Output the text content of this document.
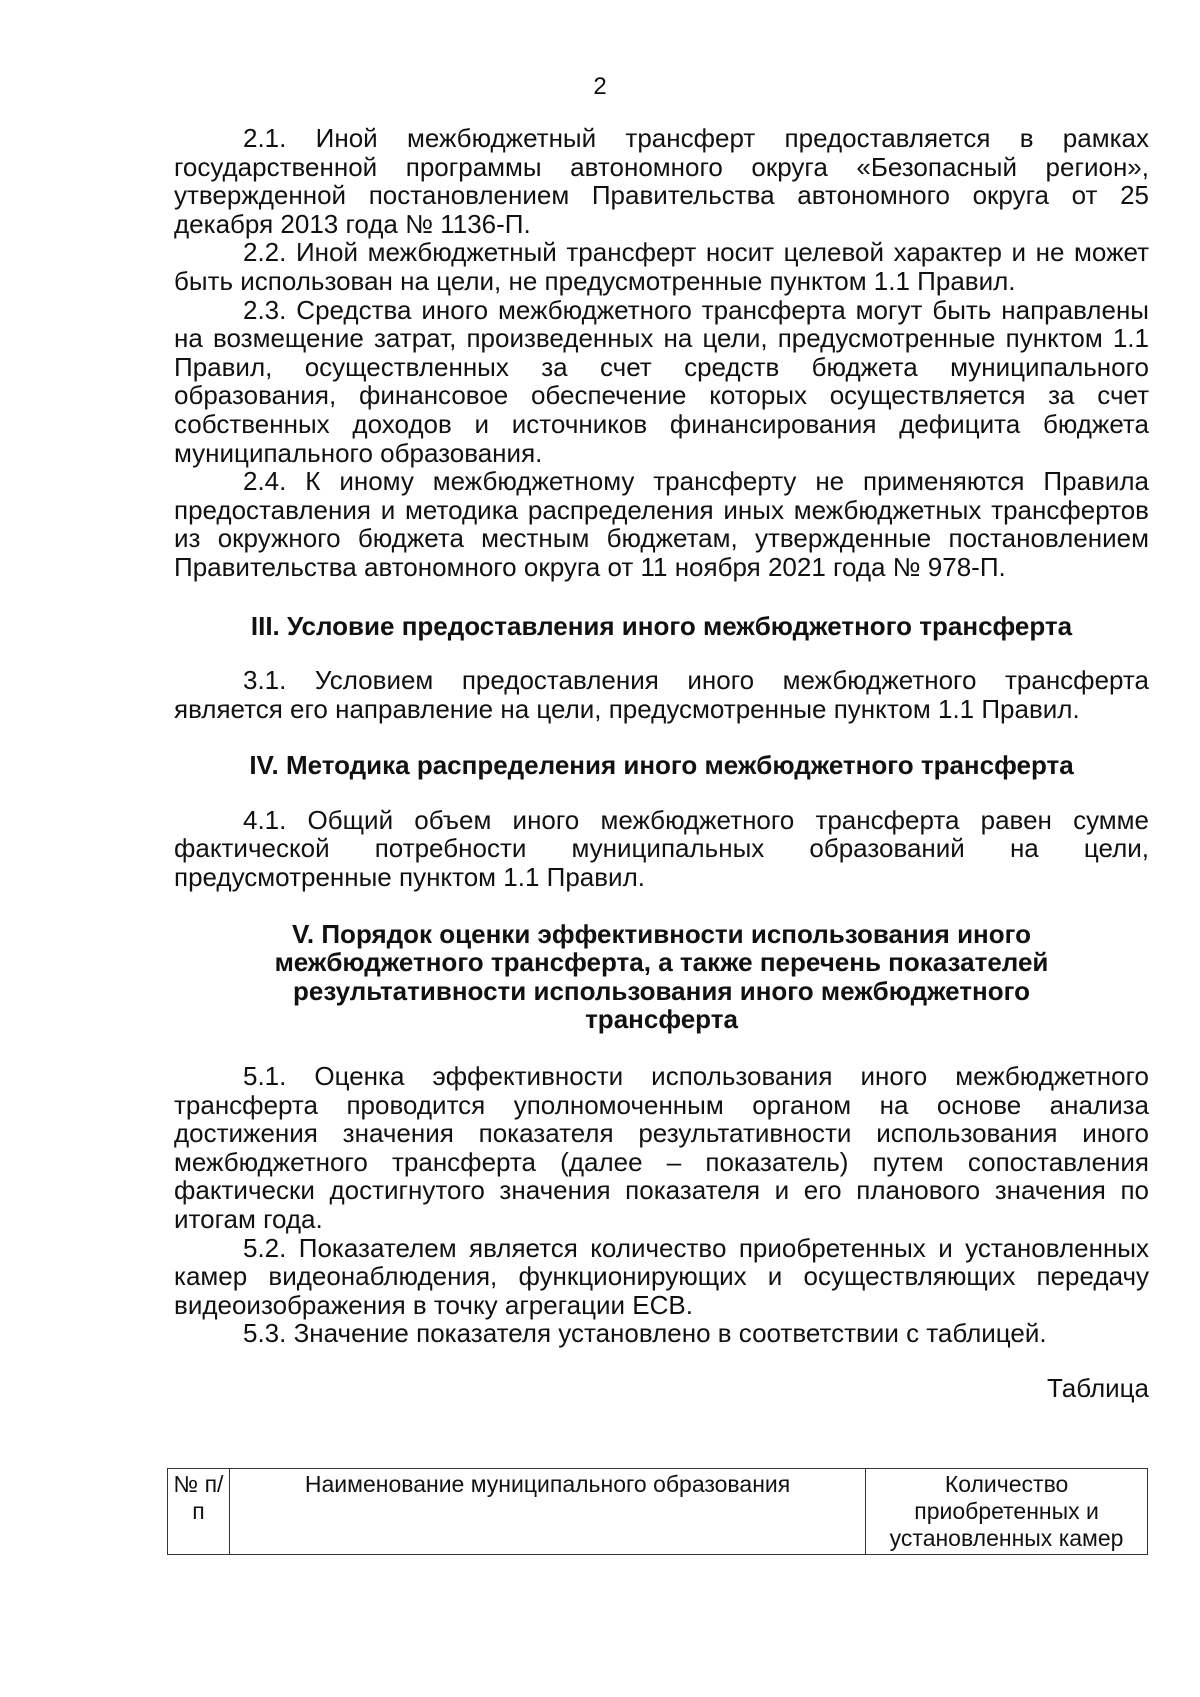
2

2.1. Иной межбюджетный трансферт предоставляется в рамках государственной программы автономного округа «Безопасный регион», утвержденной постановлением Правительства автономного округа от 25 декабря 2013 года № 1136-П.

2.2. Иной межбюджетный трансферт носит целевой характер и не может быть использован на цели, не предусмотренные пунктом 1.1 Правил.

2.3. Средства иного межбюджетного трансферта могут быть направлены на возмещение затрат, произведенных на цели, предусмотренные пунктом 1.1 Правил, осуществленных за счет средств бюджета муниципального образования, финансовое обеспечение которых осуществляется за счет собственных доходов и источников финансирования дефицита бюджета муниципального образования.

2.4. К иному межбюджетному трансферту не применяются Правила предоставления и методика распределения иных межбюджетных трансфертов из окружного бюджета местным бюджетам, утвержденные постановлением Правительства автономного округа от 11 ноября 2021 года № 978-П.

III. Условие предоставления иного межбюджетного трансферта

3.1. Условием предоставления иного межбюджетного трансферта является его направление на цели, предусмотренные пунктом 1.1 Правил.

IV. Методика распределения иного межбюджетного трансферта

4.1. Общий объем иного межбюджетного трансферта равен сумме фактической потребности муниципальных образований на цели, предусмотренные пунктом 1.1 Правил.

V. Порядок оценки эффективности использования иного межбюджетного трансферта, а также перечень показателей результативности использования иного межбюджетного трансферта

5.1. Оценка эффективности использования иного межбюджетного трансферта проводится уполномоченным органом на основе анализа достижения значения показателя результативности использования иного межбюджетного трансферта (далее – показатель) путем сопоставления фактически достигнутого значения показателя и его планового значения по итогам года.

5.2. Показателем является количество приобретенных и установленных камер видеонаблюдения, функционирующих и осуществляющих передачу видеоизображения в точку агрегации ЕСВ.

5.3. Значение показателя установлено в соответствии с таблицей.

Таблица

№ п/п	Наименование муниципального образования	Количество приобретенных и установленных камер
